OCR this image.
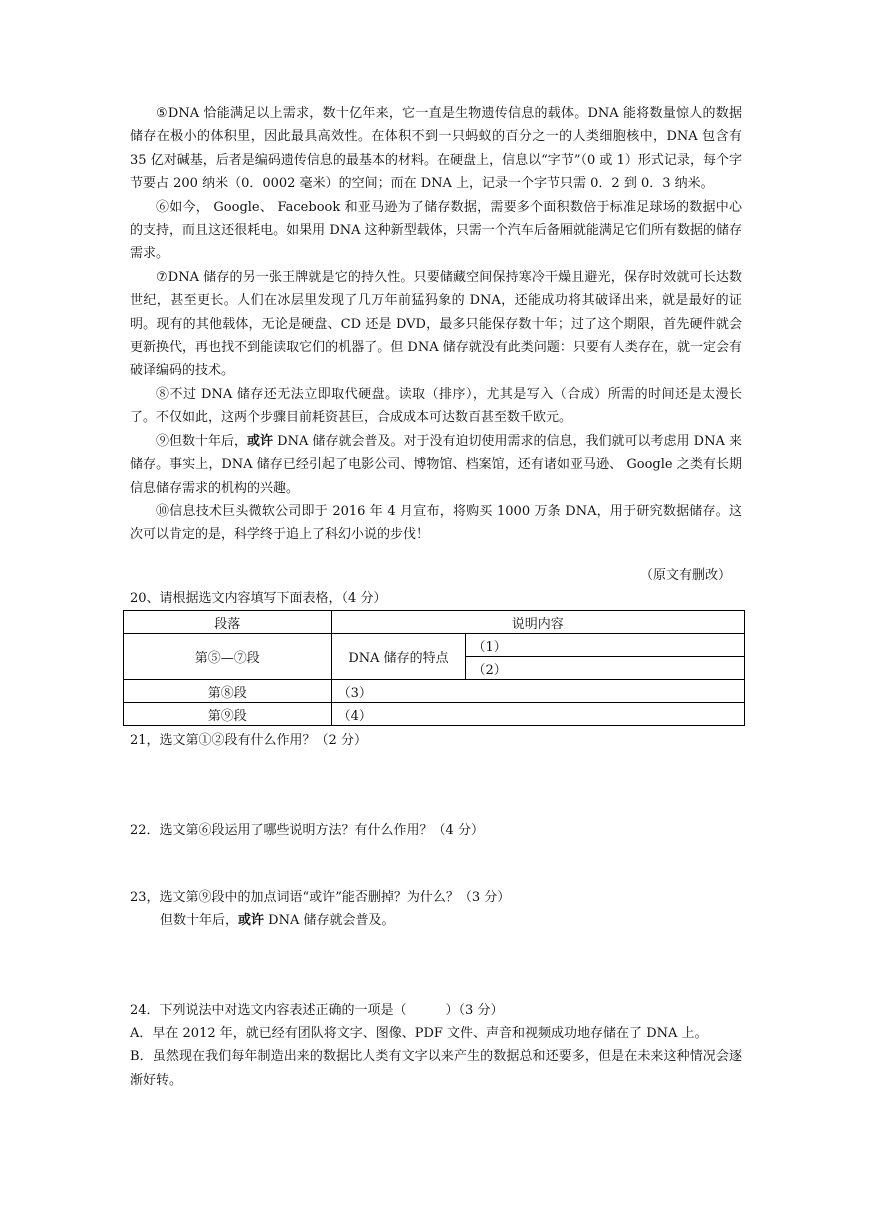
⑤DNA 恰能满足以上需求，数十亿年来，它一直是生物遗传信息的载体。DNA 能将数量惊人的数据储存在极小的体积里，因此最具高效性。在体积不到一只蚂蚁的百分之一的人类细胞核中，DNA 包含有 35 亿对碱基，后者是编码遗传信息的最基本的材料。在硬盘上，信息以“字节”（0 或 1）形式记录，每个字节要占 200 纳米（0．0002 毫米）的空间；而在 DNA 上，记录一个字节只需 0．2 到 0．3 纳米。

⑥如今， Google、 Facebook 和亚马逊为了储存数据，需要多个面积数倍于标准足球场的数据中心的支持，而且这还很耗电。如果用 DNA 这种新型载体，只需一个汽车后备厢就能满足它们所有数据的储存需求。

⑦DNA 储存的另一张王牌就是它的持久性。只要储藏空间保持寒冷干燥且避光，保存时效就可长达数世纪，甚至更长。人们在冰层里发现了几万年前猛犸象的 DNA，还能成功将其破译出来，就是最好的证明。现有的其他载体，无论是硬盘、CD 还是 DVD，最多只能保存数十年；过了这个期限，首先硬件就会更新换代，再也找不到能读取它们的机器了。但 DNA 储存就没有此类问题：只要有人类存在，就一定会有破译编码的技术。

⑧不过 DNA 储存还无法立即取代硬盘。读取（排序），尤其是写入（合成）所需的时间还是太漫长了。不仅如此，这两个步骤目前耗资甚巨，合成成本可达数百甚至数千欧元。

⑨但数十年后，或许 DNA 储存就会普及。对于没有迫切使用需求的信息，我们就可以考虑用 DNA 来储存。事实上，DNA 储存已经引起了电影公司、博物馆、档案馆，还有诸如亚马逊、 Google 之类有长期信息储存需求的机构的兴趣。

⑩信息技术巨头微软公司即于 2016 年 4 月宣布，将购买 1000 万条 DNA，用于研究数据储存。这次可以肯定的是，科学终于追上了科幻小说的步伐！

（原文有删改）

20、请根据选文内容填写下面表格，（4 分）

段落	说明内容	
第⑤—⑦段	DNA 储存的特点	（1）
		（2）
第⑧段	（3）	
第⑨段	（4）	

21，选文第①②段有什么作用？（2 分）

22．选文第⑥段运用了哪些说明方法？有什么作用？（4 分）

23，选文第⑨段中的加点词语“或许”能否删掉？为什么？（3 分）

但数十年后，或许 DNA 储存就会普及。

24．下列说法中对选文内容表述正确的一项是（　　　）（3 分）

A．早在 2012 年，就已经有团队将文字、图像、PDF 文件、声音和视频成功地存储在了 DNA 上。

B．虽然现在我们每年制造出来的数据比人类有文字以来产生的数据总和还要多，但是在未来这种情况会逐渐好转。
